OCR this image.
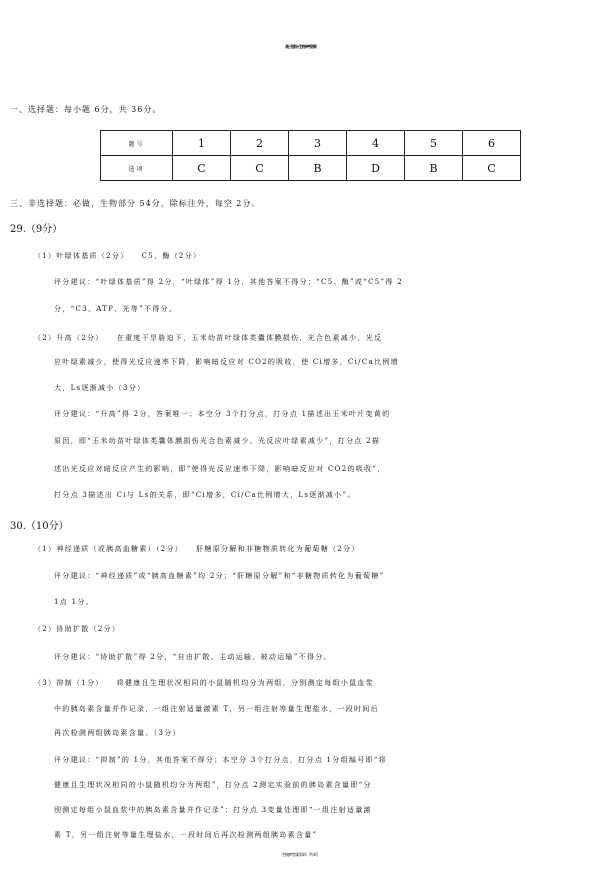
高三理综 •生物参考答案
一、选择题：每小题 6分，共 36分。
题号	1	2	3	4	5	6
选项	C	C	B	D	B	C
三、非选择题：必做，生物部分 54分，除标注外，每空 2分。
29.（9分）
（1）叶绿体基质（2分）　　C5、酶（2分）
评分建议：“叶绿体基质”得 2分，“叶绿体”得 1分，其他答案不得分；“C5、酶”或“C5”得 2
分，“C3、ATP、光等”不得分。
（2）升高（2分）　　在重度干旱胁迫下，玉米幼苗叶绿体类囊体膜损伤，光合色素减少，光反
应叶绿素减少，使得光反应速率下降，影响暗反应对 CO2的吸收，使 Ci增多，Ci/Ca比例增
大，Ls逐渐减小（3分）
评分建议：“升高”得 2分，答案唯一；本空分 3个打分点，打分点 1描述出玉米叶片变黄的
原因，即“玉米幼苗叶绿体类囊体膜损伤光合色素减少，光反应叶绿素减少”，打分点 2描
述出光反应对暗反应产生的影响，即“使得光反应速率下降，影响暗反应对 CO2的吸收”，
打分点 3描述出 Ci与 Ls的关系，即“Ci增多，Ci/Ca比例增大，Ls逐渐减小”。
30.（10分）
（1）神经递质（或胰高血糖素）（2分）　　肝糖原分解和非糖物质转化为葡萄糖（2分）
评分建议：“神经递质”或“胰高血糖素”均 2分；“肝糖原分解”和“非糖物质转化为葡萄糖”
1点 1分。
（2）协助扩散（2分）
评分建议：“协助扩散”得 2分，“自由扩散、主动运输、被动运输”不得分。
（3）抑制（1分）　　将健康且生理状况相同的小鼠随机均分为两组，分别测定每组小鼠血浆
中的胰岛素含量并作记录，一组注射适量激素 T，另一组注射等量生理盐水，一段时间后
再次检测两组胰岛素含量。（3分）
评分建议：“抑制”的 1分，其他答案不得分；本空分 3个打分点，打分点 1分组编号即“将
健康且生理状况相同的小鼠随机均分为两组”，打分点 2测定实验前的胰岛素含量即“分
别测定每组小鼠血浆中的胰岛素含量并作记录”；打分点 3变量处理即“一组注射适量激
素 T，另一组注射等量生理盐水，一段时间后再次检测两组胰岛素含量”
生物参考答案 第 1页（共 3页）
